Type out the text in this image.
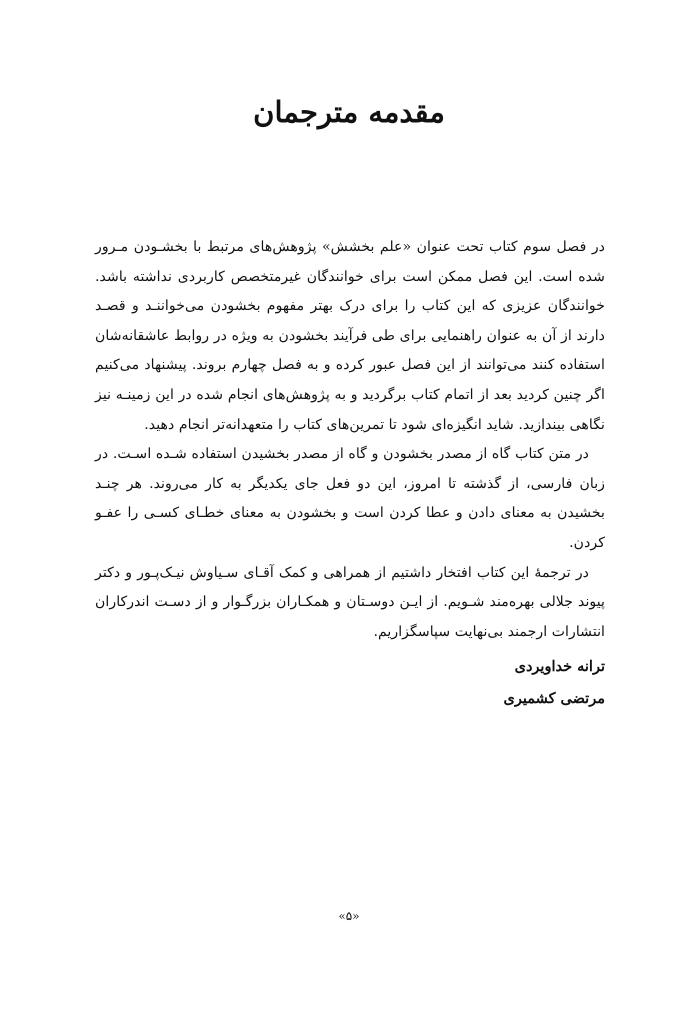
مقدمه مترجمان

در فصل سوم کتاب تحت عنوان «علم بخشش» پژوهش‌های مرتبط با بخشـودن مـرور شده است. این فصل ممکن است برای خوانندگان غیرمتخصص کاربردی نداشته باشد. خوانندگان عزیزی که این کتاب را برای درک بهتر مفهوم بخشودن می‌خواننـد و قصـد دارند از آن به عنوان راهنمایی برای طی فرآیند بخشودن به ویژه در روابط عاشقانه‌شان استفاده کنند می‌توانند از این فصل عبور کرده و به فصل چهارم بروند. پیشنهاد می‌کنیم اگر چنین کردید بعد از اتمام کتاب برگردید و به پژوهش‌های انجام شده در این زمینـه نیز نگاهی بیندازید. شاید انگیزه‌ای شود تا تمرین‌های کتاب را متعهدانه‌تر انجام دهید.

در متن کتاب گاه از مصدر بخشودن و گاه از مصدر بخشیدن استفاده شـده اسـت. در زبان فارسی، از گذشته تا امروز، این دو فعل جای یکدیگر به کار می‌روند. هر چنـد بخشیدن به معنای دادن و عطا کردن است و بخشودن به معنای خطـای کسـی را عفـو کردن.

در ترجمهٔ این کتاب افتخار داشتیم از همراهی و کمک آقـای سـیاوش نیـک‌پـور و دکتر پیوند جلالی بهره‌مند شـویم. از ایـن دوسـتان و همکـاران بزرگـوار و از دسـت اندرکاران انتشارات ارجمند بی‌نهایت سپاسگزاریم.

ترانه خداویردی

مرتضی کشمیری

«۵»
